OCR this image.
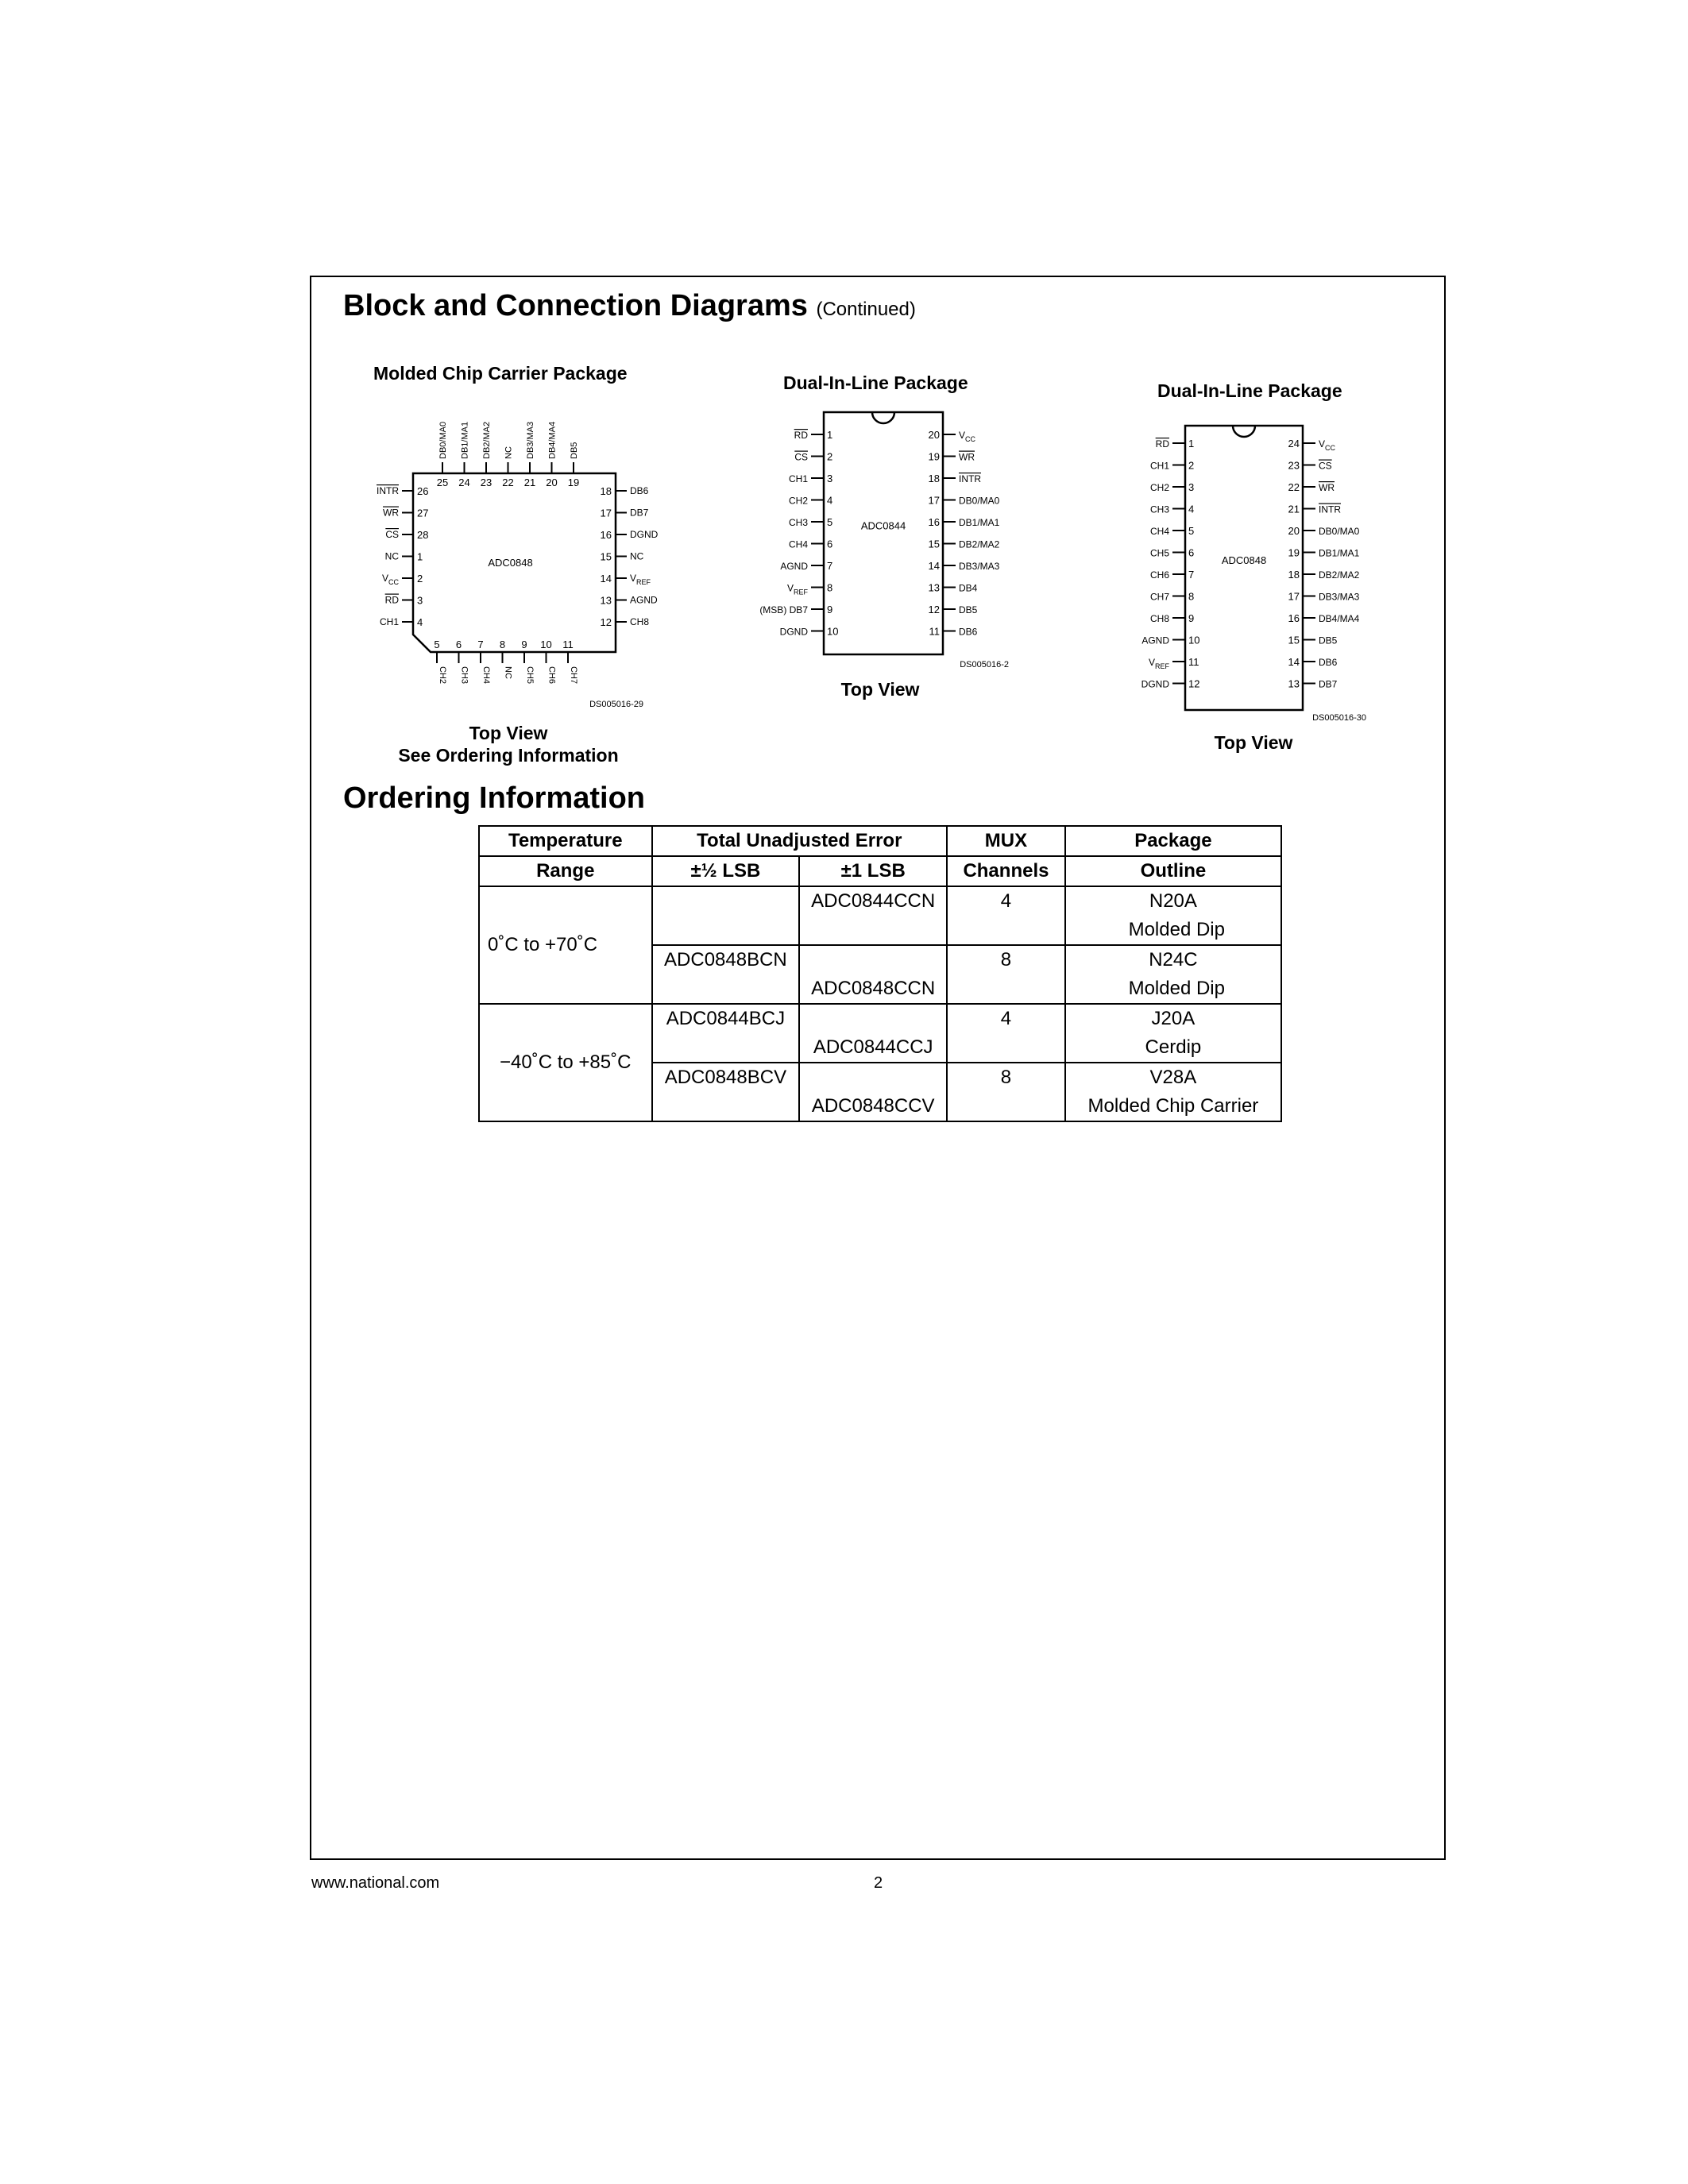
Block and Connection Diagrams (Continued)
Molded Chip Carrier Package
ADC0848
25
DB0/MA0
24
DB1/MA1
23
DB2/MA2
22
NC
21
DB3/MA3
20
DB4/MA4
19
DB5
26
INTR
27
WR
28
CS
1
NC
2
$V_{CC}$
3
RD
4
CH1
18 DB6
17 DB7
16 DGND
15 NC
14 $V_{REF}$
13 AGND
12 CH8
5
CH2
6
CH3
7
CH4
8
NC
9
CH5
10
CH6
11
CH7
DS005016-29
Top View
See Ordering Information
Dual-In-Line Package
ADC0844
1
RD
2
CS
3
CH1
4
CH2
5
CH3
6
CH4
7
AGND
8
$V_{REF}$
9
(MSB) DB7
10
DGND
20 $V_{CC}$
19 WR
18 INTR
17 DB0/MA0
16 DB1/MA1
15 DB2/MA2
14 DB3/MA3
13 DB4
12 DB5
11 DB6
DS005016-2
Top View
Dual-In-Line Package
ADC0848
1
RD
2
CH1
3
CH2
4
CH3
5
CH4
6
CH5
7
CH6
8
CH7
9
CH8
10
AGND
11
$V_{REF}$
12
DGND
24 $V_{CC}$
23 CS
22 WR
21 INTR
20 DB0/MA0
19 DB1/MA1
18 DB2/MA2
17 DB3/MA3
16 DB4/MA4
15 DB5
14 DB6
13 DB7
DS005016-30
Top View
Ordering Information
Temperature	Total Unadjusted Error		MUX	Package
Range	±½ LSB	±1 LSB	Channels	Outline
0˚C to +70˚C		ADC0844CCN	4	N20A
				Molded Dip
	ADC0848BCN		8	N24C
		ADC0848CCN		Molded Dip
−40˚C to +85˚C	ADC0844BCJ		4	J20A
		ADC0844CCJ		Cerdip
	ADC0848BCV		8	V28A
		ADC0848CCV		Molded Chip Carrier
www.national.com	2
